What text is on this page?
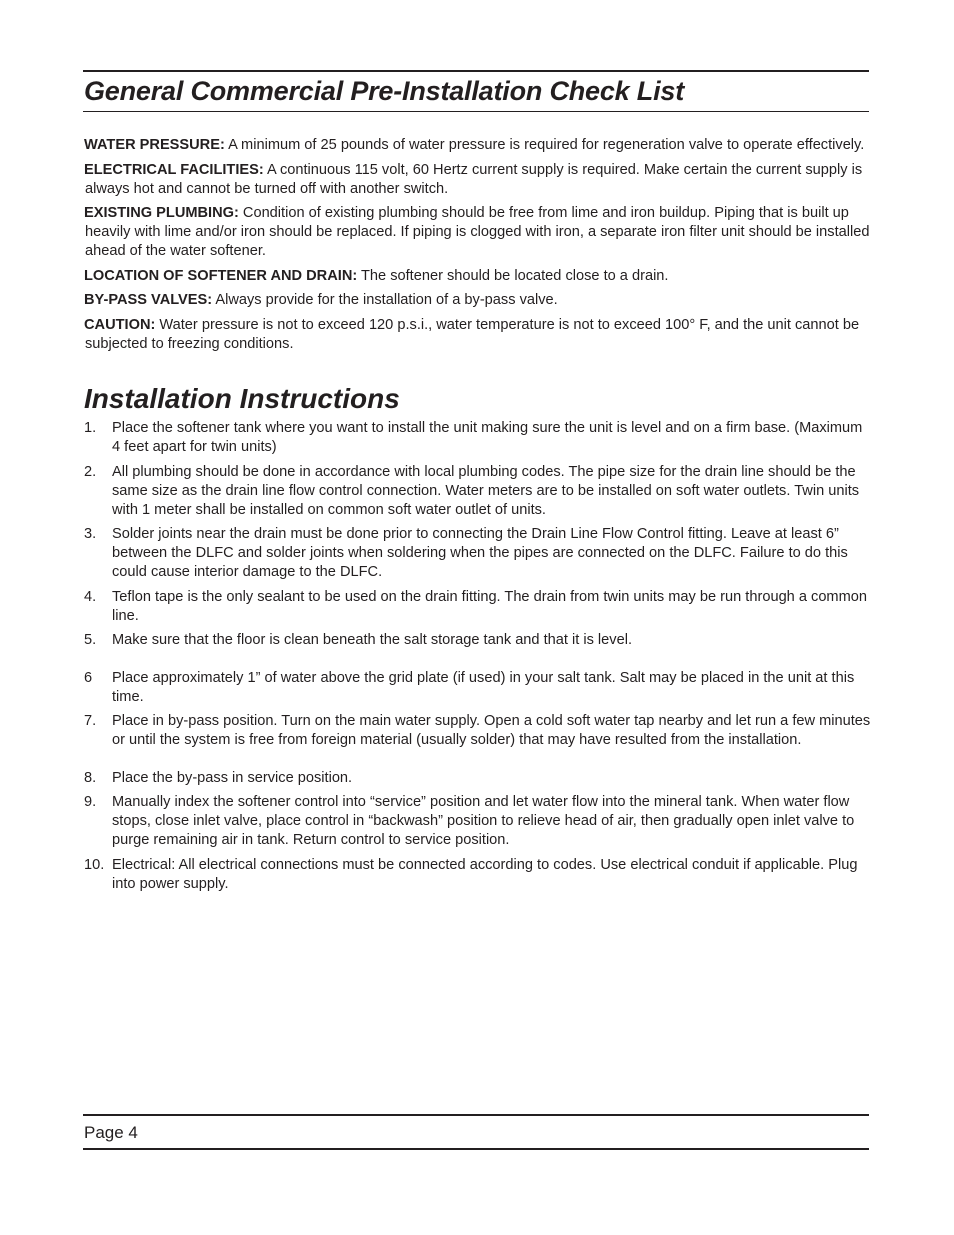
General Commercial Pre-Installation Check List

WATER PRESSURE: A minimum of 25 pounds of water pressure is required for regeneration valve to operate effectively.

ELECTRICAL FACILITIES: A continuous 115 volt, 60 Hertz current supply is required. Make certain the current supply is always hot and cannot be turned off with another switch.

EXISTING PLUMBING: Condition of existing plumbing should be free from lime and iron buildup. Piping that is built up heavily with lime and/or iron should be replaced. If piping is clogged with iron, a separate iron filter unit should be installed ahead of the water softener.

LOCATION OF SOFTENER AND DRAIN: The softener should be located close to a drain.

BY-PASS VALVES: Always provide for the installation of a by-pass valve.

CAUTION: Water pressure is not to exceed 120 p.s.i., water temperature is not to exceed 100° F, and the unit cannot be subjected to freezing conditions.

Installation Instructions
1.	Place the softener tank where you want to install the unit making sure the unit is level and on a firm base. (Maximum 4 feet apart for twin units)
2.	All plumbing should be done in accordance with local plumbing codes. The pipe size for the drain line should be the same size as the drain line flow control connection. Water meters are to be installed on soft water outlets. Twin units with 1 meter shall be installed on common soft water outlet of units.
3.	Solder joints near the drain must be done prior to connecting the Drain Line Flow Control fitting. Leave at least 6” between the DLFC and solder joints when soldering when the pipes are connected on the DLFC. Failure to do this could cause interior damage to the DLFC.
4.	Teflon tape is the only sealant to be used on the drain fitting. The drain from twin units may be run through a common line.
5.	Make sure that the floor is clean beneath the salt storage tank and that it is level.
6	Place approximately 1” of water above the grid plate (if used) in your salt tank. Salt may be placed in the unit at this time.
7.	Place in by-pass position. Turn on the main water supply. Open a cold soft water tap nearby and let run a few minutes or until the system is free from foreign material (usually solder) that may have resulted from the installation.
8.	Place the by-pass in service position.
9.	Manually index the softener control into “service” position and let water flow into the mineral tank. When water flow stops, close inlet valve, place control in “backwash” position to relieve head of air, then gradually open inlet valve to purge remaining air in tank. Return control to service position.
10. Electrical: All electrical connections must be connected according to codes. Use electrical conduit if applicable. Plug into power supply.
Page 4
